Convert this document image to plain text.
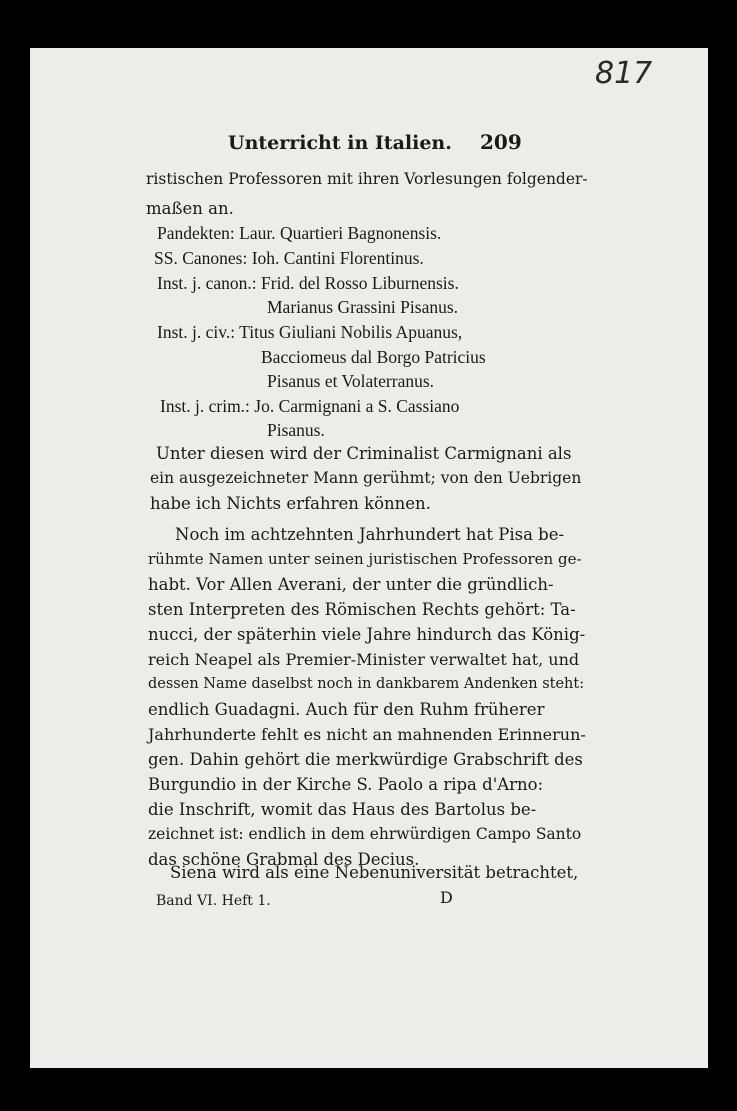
817
Unterricht in Italien. 209
ristischen Professoren mit ihren Vorlesungen folgender-
maßen an.
Pandekten: Laur. Quartieri Bagnonensis.
SS. Canones: Ioh. Cantini Florentinus.
Inst. j. canon.: Frid. del Rosso Liburnensis.
Marianus Grassini Pisanus.
Inst. j. civ.: Titus Giuliani Nobilis Apuanus,
Bacciomeus dal Borgo Patricius
Pisanus et Volaterranus.
Inst. j. crim.: Jo. Carmignani a S. Cassiano
Pisanus.
Unter diesen wird der Criminalist Carmignani als
ein ausgezeichneter Mann gerühmt; von den Uebrigen
habe ich Nichts erfahren können.
Noch im achtzehnten Jahrhundert hat Pisa be-
rühmte Namen unter seinen juristischen Professoren ge-
habt. Vor Allen Averani, der unter die gründlich-
sten Interpreten des Römischen Rechts gehört: Ta-
nucci, der späterhin viele Jahre hindurch das König-
reich Neapel als Premier-Minister verwaltet hat, und
dessen Name daselbst noch in dankbarem Andenken steht:
endlich Guadagni. Auch für den Ruhm früherer
Jahrhunderte fehlt es nicht an mahnenden Erinnerun-
gen. Dahin gehört die merkwürdige Grabschrift des
Burgundio in der Kirche S. Paolo a ripa d'Arno:
die Inschrift, womit das Haus des Bartolus be-
zeichnet ist: endlich in dem ehrwürdigen Campo Santo
das schöne Grabmal des Decius.
Siena wird als eine Nebenuniversität betrachtet,
Band VI. Heft 1.	D
